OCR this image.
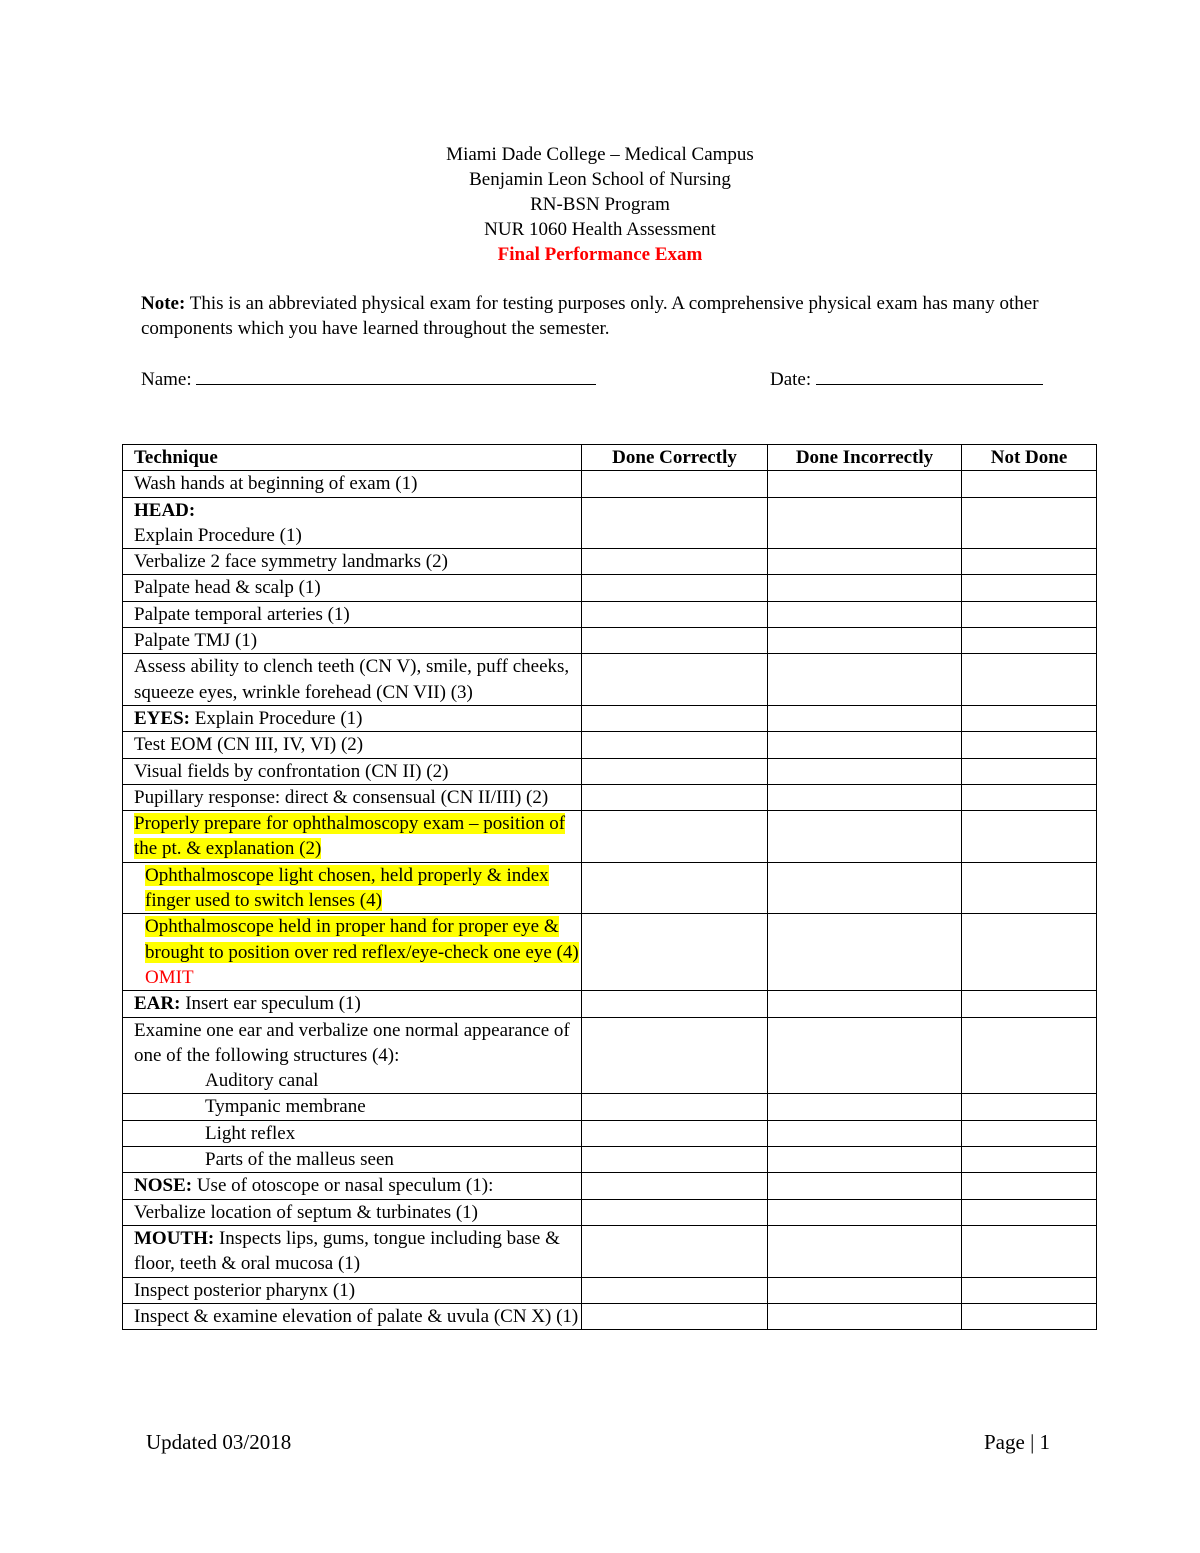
Miami Dade College – Medical Campus
Benjamin Leon School of Nursing
RN-BSN Program
NUR 1060 Health Assessment
Final Performance Exam
Note: This is an abbreviated physical exam for testing purposes only. A comprehensive physical exam has many other components which you have learned throughout the semester.
Name:	Date:
Technique	Done Correctly	Done Incorrectly	Not Done
Wash hands at beginning of exam (1)			
HEAD:
Explain Procedure (1)			
Verbalize 2 face symmetry landmarks (2)			
Palpate head & scalp (1)			
Palpate temporal arteries (1)			
Palpate TMJ (1)			
Assess ability to clench teeth (CN V), smile, puff cheeks, squeeze eyes, wrinkle forehead (CN VII) (3)			
EYES: Explain Procedure (1)			
Test EOM (CN III, IV, VI) (2)			
Visual fields by confrontation (CN II) (2)			
Pupillary response: direct & consensual (CN II/III) (2)			
Properly prepare for ophthalmoscopy exam – position of the pt. & explanation (2)			
Ophthalmoscope light chosen, held properly & index finger used to switch lenses (4)			
Ophthalmoscope held in proper hand for proper eye & brought to position over red reflex/eye-check one eye (4) OMIT			
EAR: Insert ear speculum (1)			
Examine one ear and verbalize one normal appearance of one of the following structures (4):
Auditory canal			
Tympanic membrane			
Light reflex			
Parts of the malleus seen			
NOSE: Use of otoscope or nasal speculum (1):			
Verbalize location of septum & turbinates (1)			
MOUTH: Inspects lips, gums, tongue including base & floor, teeth & oral mucosa (1)			
Inspect posterior pharynx (1)			
Inspect & examine elevation of palate & uvula (CN X) (1)			
Updated 03/2018	Page | 1
